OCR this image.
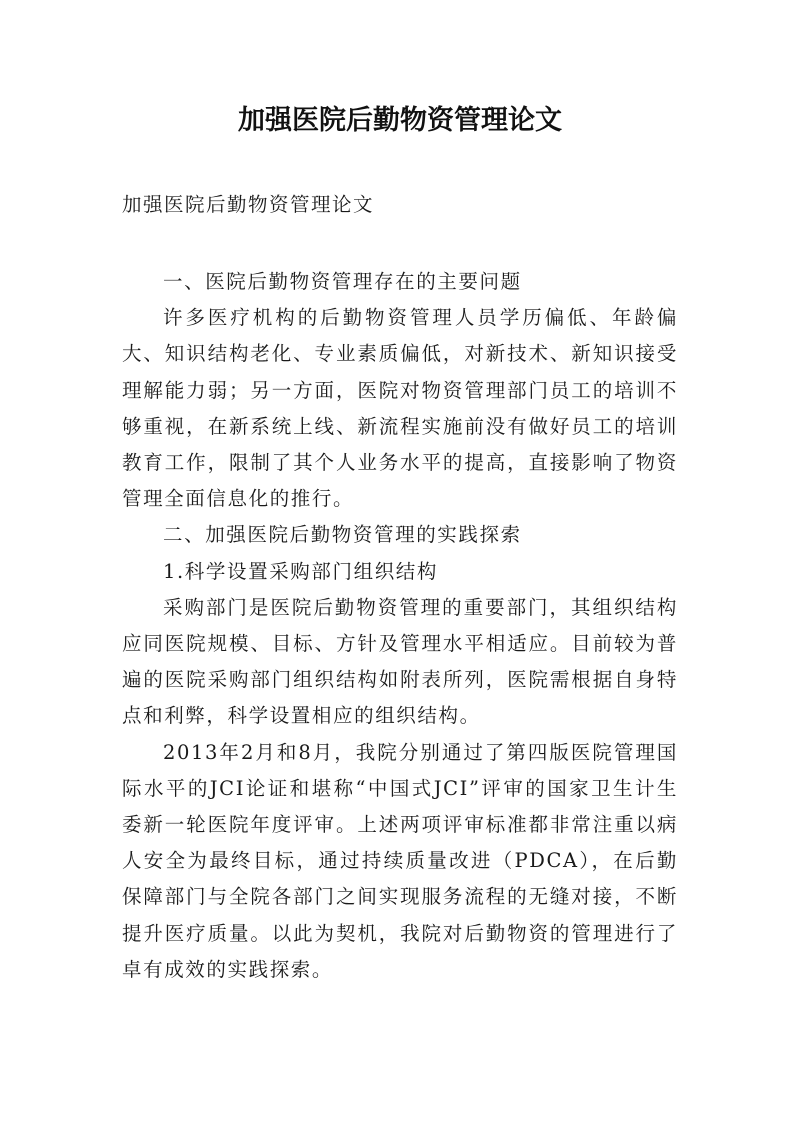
加强医院后勤物资管理论文
加强医院后勤物资管理论文

一、医院后勤物资管理存在的主要问题

许多医疗机构的后勤物资管理人员学历偏低、年龄偏大、知识结构老化、专业素质偏低，对新技术、新知识接受理解能力弱；另一方面，医院对物资管理部门员工的培训不够重视，在新系统上线、新流程实施前没有做好员工的培训教育工作，限制了其个人业务水平的提高，直接影响了物资管理全面信息化的推行。

二、加强医院后勤物资管理的实践探索

1.科学设置采购部门组织结构

采购部门是医院后勤物资管理的重要部门，其组织结构应同医院规模、目标、方针及管理水平相适应。目前较为普遍的医院采购部门组织结构如附表所列，医院需根据自身特点和利弊，科学设置相应的组织结构。

2013年2月和8月，我院分别通过了第四版医院管理国际水平的JCI论证和堪称“中国式JCI”评审的国家卫生计生委新一轮医院年度评审。上述两项评审标准都非常注重以病人安全为最终目标，通过持续质量改进（PDCA），在后勤保障部门与全院各部门之间实现服务流程的无缝对接，不断提升医疗质量。以此为契机，我院对后勤物资的管理进行了卓有成效的实践探索。
